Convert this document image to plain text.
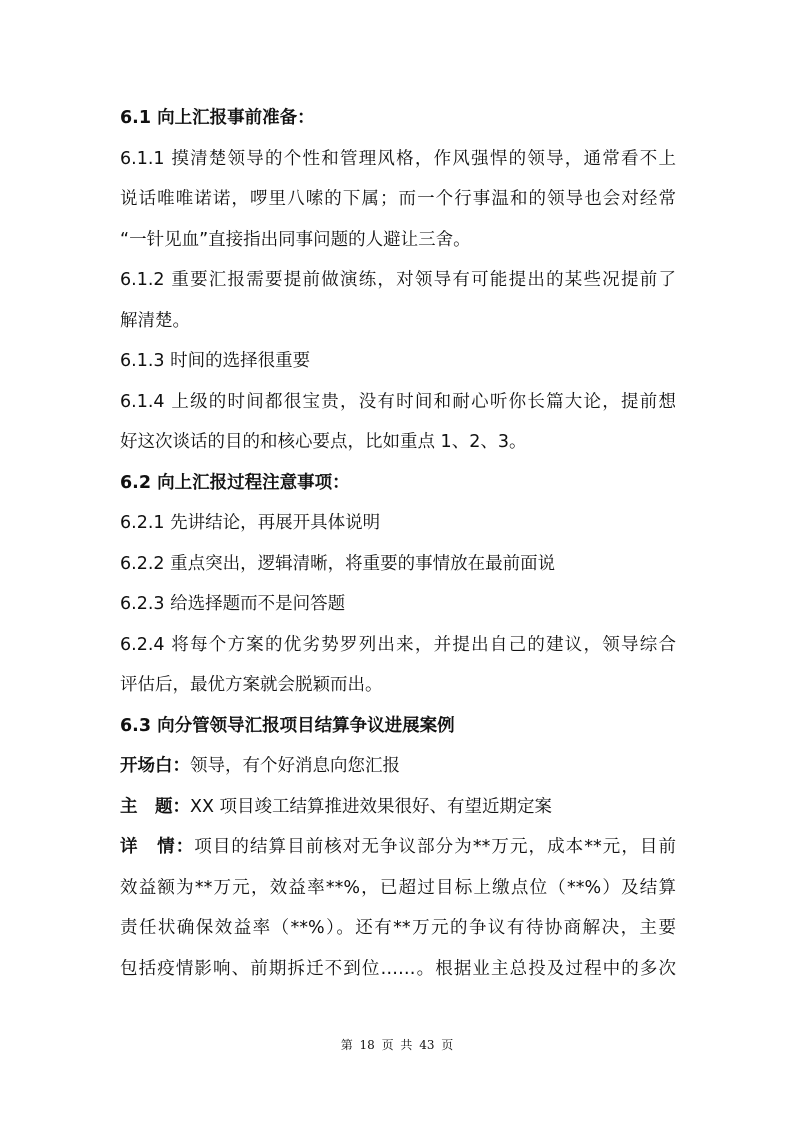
6.1 向上汇报事前准备：
6.1.1 摸清楚领导的个性和管理风格，作风强悍的领导，通常看不上
说话唯唯诺诺，啰里八嗦的下属；而一个行事温和的领导也会对经常
“一针见血”直接指出同事问题的人避让三舍。
6.1.2 重要汇报需要提前做演练，对领导有可能提出的某些况提前了
解清楚。
6.1.3 时间的选择很重要
6.1.4 上级的时间都很宝贵，没有时间和耐心听你长篇大论，提前想
好这次谈话的目的和核心要点，比如重点 1、2、3。
6.2 向上汇报过程注意事项：
6.2.1 先讲结论，再展开具体说明
6.2.2 重点突出，逻辑清晰，将重要的事情放在最前面说
6.2.3 给选择题而不是问答题
6.2.4 将每个方案的优劣势罗列出来，并提出自己的建议，领导综合
评估后，最优方案就会脱颖而出。
6.3 向分管领导汇报项目结算争议进展案例
开场白：领导，有个好消息向您汇报
主　题：XX 项目竣工结算推进效果很好、有望近期定案
详　情：项目的结算目前核对无争议部分为**万元，成本**元，目前
效益额为**万元，效益率**%，已超过目标上缴点位（**%）及结算
责任状确保效益率（**%）。还有**万元的争议有待协商解决，主要
包括疫情影响、前期拆迁不到位……。根据业主总投及过程中的多次
第 18 页 共 43 页
